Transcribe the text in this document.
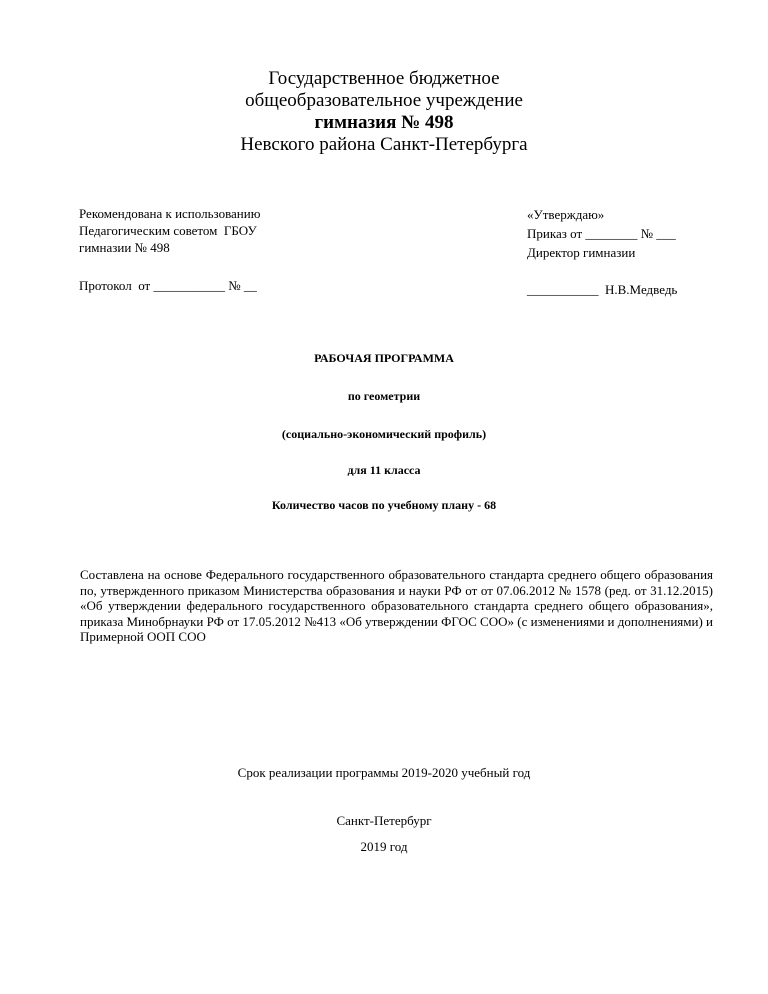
Государственное бюджетное
общеобразовательное учреждение
гимназия № 498
Невского района Санкт-Петербурга
Рекомендована к использованию
Педагогическим советом  ГБОУ
гимназии № 498
Протокол  от ___________ № __
«Утверждаю»
Приказ от ________ № ___
Директор гимназии
___________  Н.В.Медведь
РАБОЧАЯ ПРОГРАММА
по геометрии
(социально-экономический профиль)
для 11 класса
Количество часов по учебному плану - 68
Составлена на основе Федерального государственного образовательного стандарта среднего общего образования по, утвержденного приказом Министерства образования и науки РФ от от 07.06.2012 № 1578 (ред. от 31.12.2015) «Об утверждении федерального государственного образовательного стандарта среднего общего образования», приказа Минобрнауки РФ от 17.05.2012 №413 «Об утверждении ФГОС СОО» (с изменениями и дополнениями) и Примерной ООП СОО
Срок реализации программы 2019-2020 учебный год
Санкт-Петербург
2019 год
